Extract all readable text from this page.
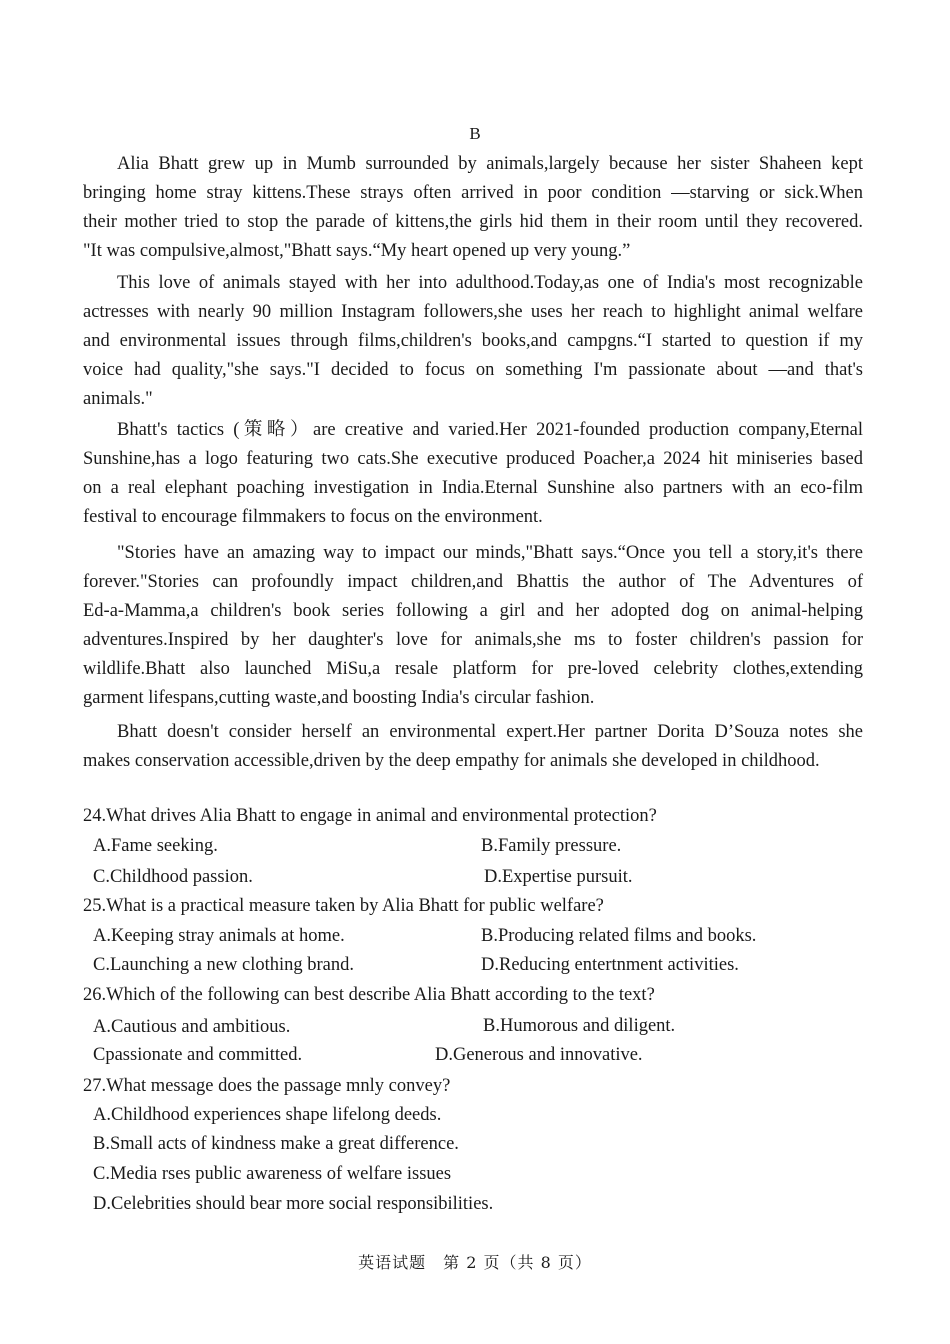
B
Alia Bhatt grew up in Mumb surrounded by animals,largely because her sister Shaheen kept
bringing home stray kittens.These strays often arrived in poor condition —starving or sick.When
their mother tried to stop the parade of kittens,the girls hid them in their room until they recovered.
"It was compulsive,almost,"Bhatt says.“My heart opened up very young.”
This love of animals stayed with her into adulthood.Today,as one of India's most recognizable
actresses with nearly 90 million Instagram followers,she uses her reach to highlight animal welfare
and environmental issues through films,children's books,and campgns.“I started to question if my
voice had quality,"she says."I decided to focus on something I'm passionate about —and that's
animals."
Bhatt's tactics (策略）are creative and varied.Her 2021-founded production company,Eternal
Sunshine,has a logo featuring two cats.She executive produced Poacher,a 2024 hit miniseries based
on a real elephant poaching investigation in India.Eternal Sunshine also partners with an eco-film
festival to encourage filmmakers to focus on the environment.
"Stories have an amazing way to impact our minds,"Bhatt says.“Once you tell a story,it's there
forever."Stories can profoundly impact children,and Bhattis the author of The Adventures of
Ed-a-Mamma,a children's book series following a girl and her adopted dog on animal-helping
adventures.Inspired by her daughter's love for animals,she ms to foster children's passion for
wildlife.Bhatt also launched MiSu,a resale platform for pre-loved celebrity clothes,extending
garment lifespans,cutting waste,and boosting India's circular fashion.
Bhatt doesn't consider herself an environmental expert.Her partner Dorita D’Souza notes she
makes conservation accessible,driven by the deep empathy for animals she developed in childhood.
24.What drives Alia Bhatt to engage in animal and environmental protection?
A.Fame seeking.	B.Family pressure.
C.Childhood passion.	D.Expertise pursuit.
25.What is a practical measure taken by Alia Bhatt for public welfare?
A.Keeping stray animals at home.	B.Producing related films and books.
C.Launching a new clothing brand.	D.Reducing entertnment activities.
26.Which of the following can best describe Alia Bhatt according to the text?
A.Cautious and ambitious.	B.Humorous and diligent.
Cpassionate and committed.	D.Generous and innovative.
27.What message does the passage mnly convey?
A.Childhood experiences shape lifelong deeds.
B.Small acts of kindness make a great difference.
C.Media rses public awareness of welfare issues
D.Celebrities should bear more social responsibilities.
英语试题　第 2 页（共 8 页）
